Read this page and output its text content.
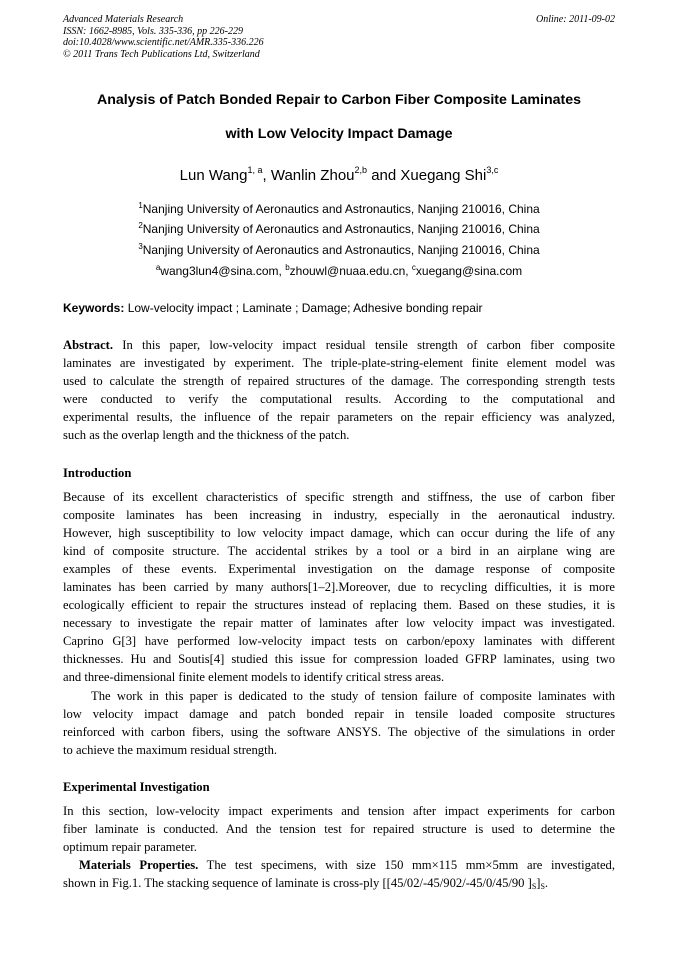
Advanced Materials Research
ISSN: 1662-8985, Vols. 335-336, pp 226-229
doi:10.4028/www.scientific.net/AMR.335-336.226
© 2011 Trans Tech Publications Ltd, Switzerland
Online: 2011-09-02
Analysis of Patch Bonded Repair to Carbon Fiber Composite Laminates
with Low Velocity Impact Damage
Lun Wang$^{1, a}$, Wanlin Zhou$^{2,b}$ and Xuegang Shi$^{3,c}$
$^1$Nanjing University of Aeronautics and Astronautics, Nanjing 210016, China
$^2$Nanjing University of Aeronautics and Astronautics, Nanjing 210016, China
$^3$Nanjing University of Aeronautics and Astronautics, Nanjing 210016, China
$^a$wang3lun4@sina.com, $^b$zhouwl@nuaa.edu.cn, $^c$xuegang@sina.com
Keywords: Low-velocity impact ; Laminate ; Damage; Adhesive bonding repair
Abstract. In this paper, low-velocity impact residual tensile strength of carbon fiber composite
laminates are investigated by experiment. The triple-plate-string-element finite element model was
used to calculate the strength of repaired structures of the damage. The corresponding strength tests
were conducted to verify the computational results. According to the computational and
experimental results, the influence of the repair parameters on the repair efficiency was analyzed,
such as the overlap length and the thickness of the patch.
Introduction
Because of its excellent characteristics of specific strength and stiffness, the use of carbon fiber
composite laminates has been increasing in industry, especially in the aeronautical industry.
However, high susceptibility to low velocity impact damage, which can occur during the life of any
kind of composite structure. The accidental strikes by a tool or a bird in an airplane wing are
examples of these events. Experimental investigation on the damage response of composite
laminates has been carried by many authors[1–2].Moreover, due to recycling difficulties, it is more
ecologically efficient to repair the structures instead of replacing them. Based on these studies, it is
necessary to investigate the repair matter of laminates after low velocity impact was investigated.
Caprino G[3] have performed low-velocity impact tests on carbon/epoxy laminates with different
thicknesses. Hu and Soutis[4] studied this issue for compression loaded GFRP laminates, using two
and three-dimensional finite element models to identify critical stress areas.
The work in this paper is dedicated to the study of tension failure of composite laminates with
low velocity impact damage and patch bonded repair in tensile loaded composite structures
reinforced with carbon fibers, using the software ANSYS. The objective of the simulations in order
to achieve the maximum residual strength.
Experimental Investigation
In this section, low-velocity impact experiments and tension after impact experiments for carbon
fiber laminate is conducted. And the tension test for repaired structure is used to determine the
optimum repair parameter.
Materials Properties. The test specimens, with size 150 mm×115 mm×5mm are investigated,
shown in Fig.1. The stacking sequence of laminate is cross-ply [[45/02/-45/902/-45/0/45/90 ]$_S]_S$.
